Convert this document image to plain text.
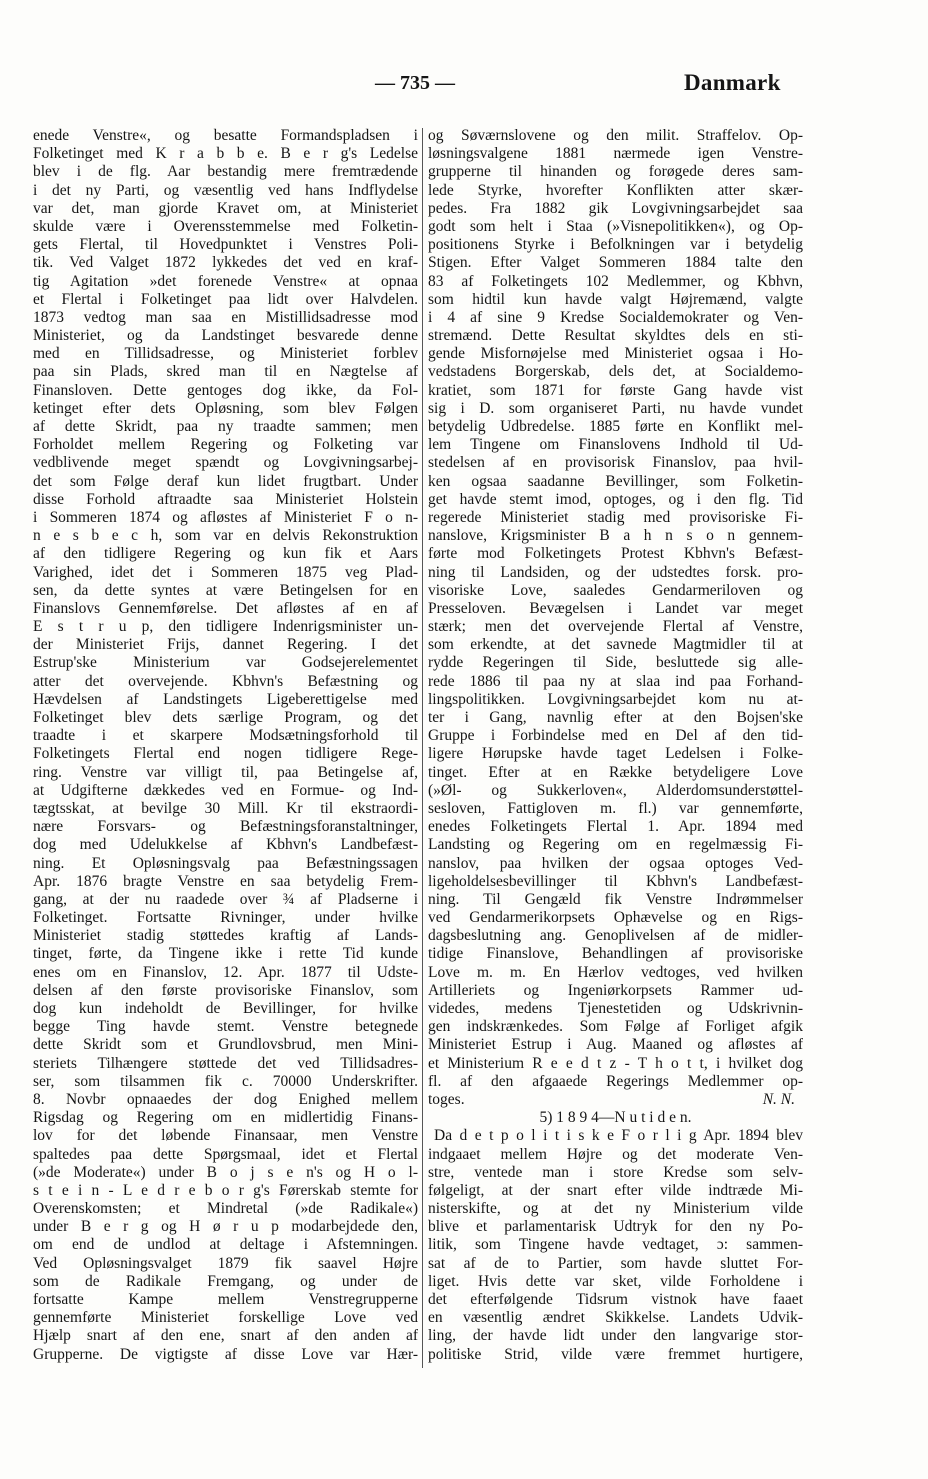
— 735 —	Danmark
enede Venstre«, og besatte Formandspladsen i
Folketinget med K r a b b e. B e r g's Ledelse
blev i de flg. Aar bestandig mere fremtrædende
i det ny Parti, og væsentlig ved hans Indflydelse
var det, man gjorde Kravet om, at Ministeriet
skulde være i Overensstemmelse med Folketin-
gets Flertal, til Hovedpunktet i Venstres Poli-
tik. Ved Valget 1872 lykkedes det ved en kraf-
tig Agitation »det forenede Venstre« at opnaa
et Flertal i Folketinget paa lidt over Halvdelen.
1873 vedtog man saa en Mistillidsadresse mod
Ministeriet, og da Landstinget besvarede denne
med en Tillidsadresse, og Ministeriet forblev
paa sin Plads, skred man til en Nægtelse af
Finansloven. Dette gentoges dog ikke, da Fol-
ketinget efter dets Opløsning, som blev Følgen
af dette Skridt, paa ny traadte sammen; men
Forholdet mellem Regering og Folketing var
vedblivende meget spændt og Lovgivningsarbej-
det som Følge deraf kun lidet frugtbart. Under
disse Forhold aftraadte saa Ministeriet Holstein
i Sommeren 1874 og afløstes af Ministeriet F o n-
n e s b e c h, som var en delvis Rekonstruktion
af den tidligere Regering og kun fik et Aars
Varighed, idet det i Sommeren 1875 veg Plad-
sen, da dette syntes at være Betingelsen for en
Finanslovs Gennemførelse. Det afløstes af en af
E s t r u p, den tidligere Indenrigsminister un-
der Ministeriet Frijs, dannet Regering. I det
Estrup'ske Ministerium var Godsejerelementet
atter det overvejende. Kbhvn's Befæstning og
Hævdelsen af Landstingets Ligeberettigelse med
Folketinget blev dets særlige Program, og det
traadte i et skarpere Modsætningsforhold til
Folketingets Flertal end nogen tidligere Rege-
ring. Venstre var villigt til, paa Betingelse af,
at Udgifterne dækkedes ved en Formue- og Ind-
tægtsskat, at bevilge 30 Mill. Kr til ekstraordi-
nære Forsvars- og Befæstningsforanstaltninger,
dog med Udelukkelse af Kbhvn's Landbefæst-
ning. Et Opløsningsvalg paa Befæstningssagen
Apr. 1876 bragte Venstre en saa betydelig Frem-
gang, at der nu raadede over ¾ af Pladserne i
Folketinget. Fortsatte Rivninger, under hvilke
Ministeriet stadig støttedes kraftig af Lands-
tinget, førte, da Tingene ikke i rette Tid kunde
enes om en Finanslov, 12. Apr. 1877 til Udste-
delsen af den første provisoriske Finanslov, som
dog kun indeholdt de Bevillinger, for hvilke
begge Ting havde stemt. Venstre betegnede
dette Skridt som et Grundlovsbrud, men Mini-
steriets Tilhængere støttede det ved Tillidsadres-
ser, som tilsammen fik c. 70000 Underskrifter.
8. Novbr opnaaedes der dog Enighed mellem
Rigsdag og Regering om en midlertidig Finans-
lov for det løbende Finansaar, men Venstre
spaltedes paa dette Spørgsmaal, idet et Flertal
(»de Moderate«) under B o j s e n's og H o l-
s t e i n - L e d r e b o r g's Førerskab stemte for
Overenskomsten; et Mindretal (»de Radikale«)
under B e r g og H ø r u p modarbejdede den,
om end de undlod at deltage i Afstemningen.
Ved Opløsningsvalget 1879 fik saavel Højre
som de Radikale Fremgang, og under de
fortsatte Kampe mellem Venstregrupperne
gennemførte Ministeriet forskellige Love ved
Hjælp snart af den ene, snart af den anden af
Grupperne. De vigtigste af disse Love var Hær-
og Søværnslovene og den milit. Straffelov. Op-
løsningsvalgene 1881 nærmede igen Venstre-
grupperne til hinanden og forøgede deres sam-
lede Styrke, hvorefter Konflikten atter skær-
pedes. Fra 1882 gik Lovgivningsarbejdet saa
godt som helt i Staa (»Visnepolitikken«), og Op-
positionens Styrke i Befolkningen var i betydelig
Stigen. Efter Valget Sommeren 1884 talte den
83 af Folketingets 102 Medlemmer, og Kbhvn,
som hidtil kun havde valgt Højremænd, valgte
i 4 af sine 9 Kredse Socialdemokrater og Ven-
stremænd. Dette Resultat skyldtes dels en sti-
gende Misfornøjelse med Ministeriet ogsaa i Ho-
vedstadens Borgerskab, dels det, at Socialdemo-
kratiet, som 1871 for første Gang havde vist
sig i D. som organiseret Parti, nu havde vundet
betydelig Udbredelse. 1885 førte en Konflikt mel-
lem Tingene om Finanslovens Indhold til Ud-
stedelsen af en provisorisk Finanslov, paa hvil-
ken ogsaa saadanne Bevillinger, som Folketin-
get havde stemt imod, optoges, og i den flg. Tid
regerede Ministeriet stadig med provisoriske Fi-
nanslove, Krigsminister B a h n s o n gennem-
førte mod Folketingets Protest Kbhvn's Befæst-
ning til Landsiden, og der udstedtes forsk. pro-
visoriske Love, saaledes Gendarmeriloven og
Presseloven. Bevægelsen i Landet var meget
stærk; men det overvejende Flertal af Venstre,
som erkendte, at det savnede Magtmidler til at
rydde Regeringen til Side, besluttede sig alle-
rede 1886 til paa ny at slaa ind paa Forhand-
lingspolitikken. Lovgivningsarbejdet kom nu at-
ter i Gang, navnlig efter at den Bojsen'ske
Gruppe i Forbindelse med en Del af den tid-
ligere Hørupske havde taget Ledelsen i Folke-
tinget. Efter at en Række betydeligere Love
(»Øl- og Sukkerloven«, Alderdomsunderstøttel-
sesloven, Fattigloven m. fl.) var gennemførte,
enedes Folketingets Flertal 1. Apr. 1894 med
Landsting og Regering om en regelmæssig Fi-
nanslov, paa hvilken der ogsaa optoges Ved-
ligeholdelsesbevillinger til Kbhvn's Landbefæst-
ning. Til Gengæld fik Venstre Indrømmelser
ved Gendarmerikorpsets Ophævelse og en Rigs-
dagsbeslutning ang. Genoplivelsen af de midler-
tidige Finanslove, Behandlingen af provisoriske
Love m. m. En Hærlov vedtoges, ved hvilken
Artilleriets og Ingeniørkorpsets Rammer ud-
videdes, medens Tjenestetiden og Udskrivnin-
gen indskrænkedes. Som Følge af Forliget afgik
Ministeriet Estrup i Aug. Maaned og afløstes af
et Ministerium R e e d t z - T h o t t, i hvilket dog
fl. af den afgaaede Regerings Medlemmer op-
toges.	N. N.
5) 1 8 9 4—N u t i d e n.
Da d e t p o l i t i s k e F o r l i g Apr. 1894 blev
indgaaet mellem Højre og det moderate Ven-
stre, ventede man i store Kredse som selv-
følgeligt, at der snart efter vilde indtræde Mi-
nisterskifte, og at det ny Ministerium vilde
blive et parlamentarisk Udtryk for den ny Po-
litik, som Tingene havde vedtaget, ɔ: sammen-
sat af de to Partier, som havde sluttet For-
liget. Hvis dette var sket, vilde Forholdene i
det efterfølgende Tidsrum vistnok have faaet
en væsentlig ændret Skikkelse. Landets Udvik-
ling, der havde lidt under den langvarige stor-
politiske Strid, vilde være fremmet hurtigere,
